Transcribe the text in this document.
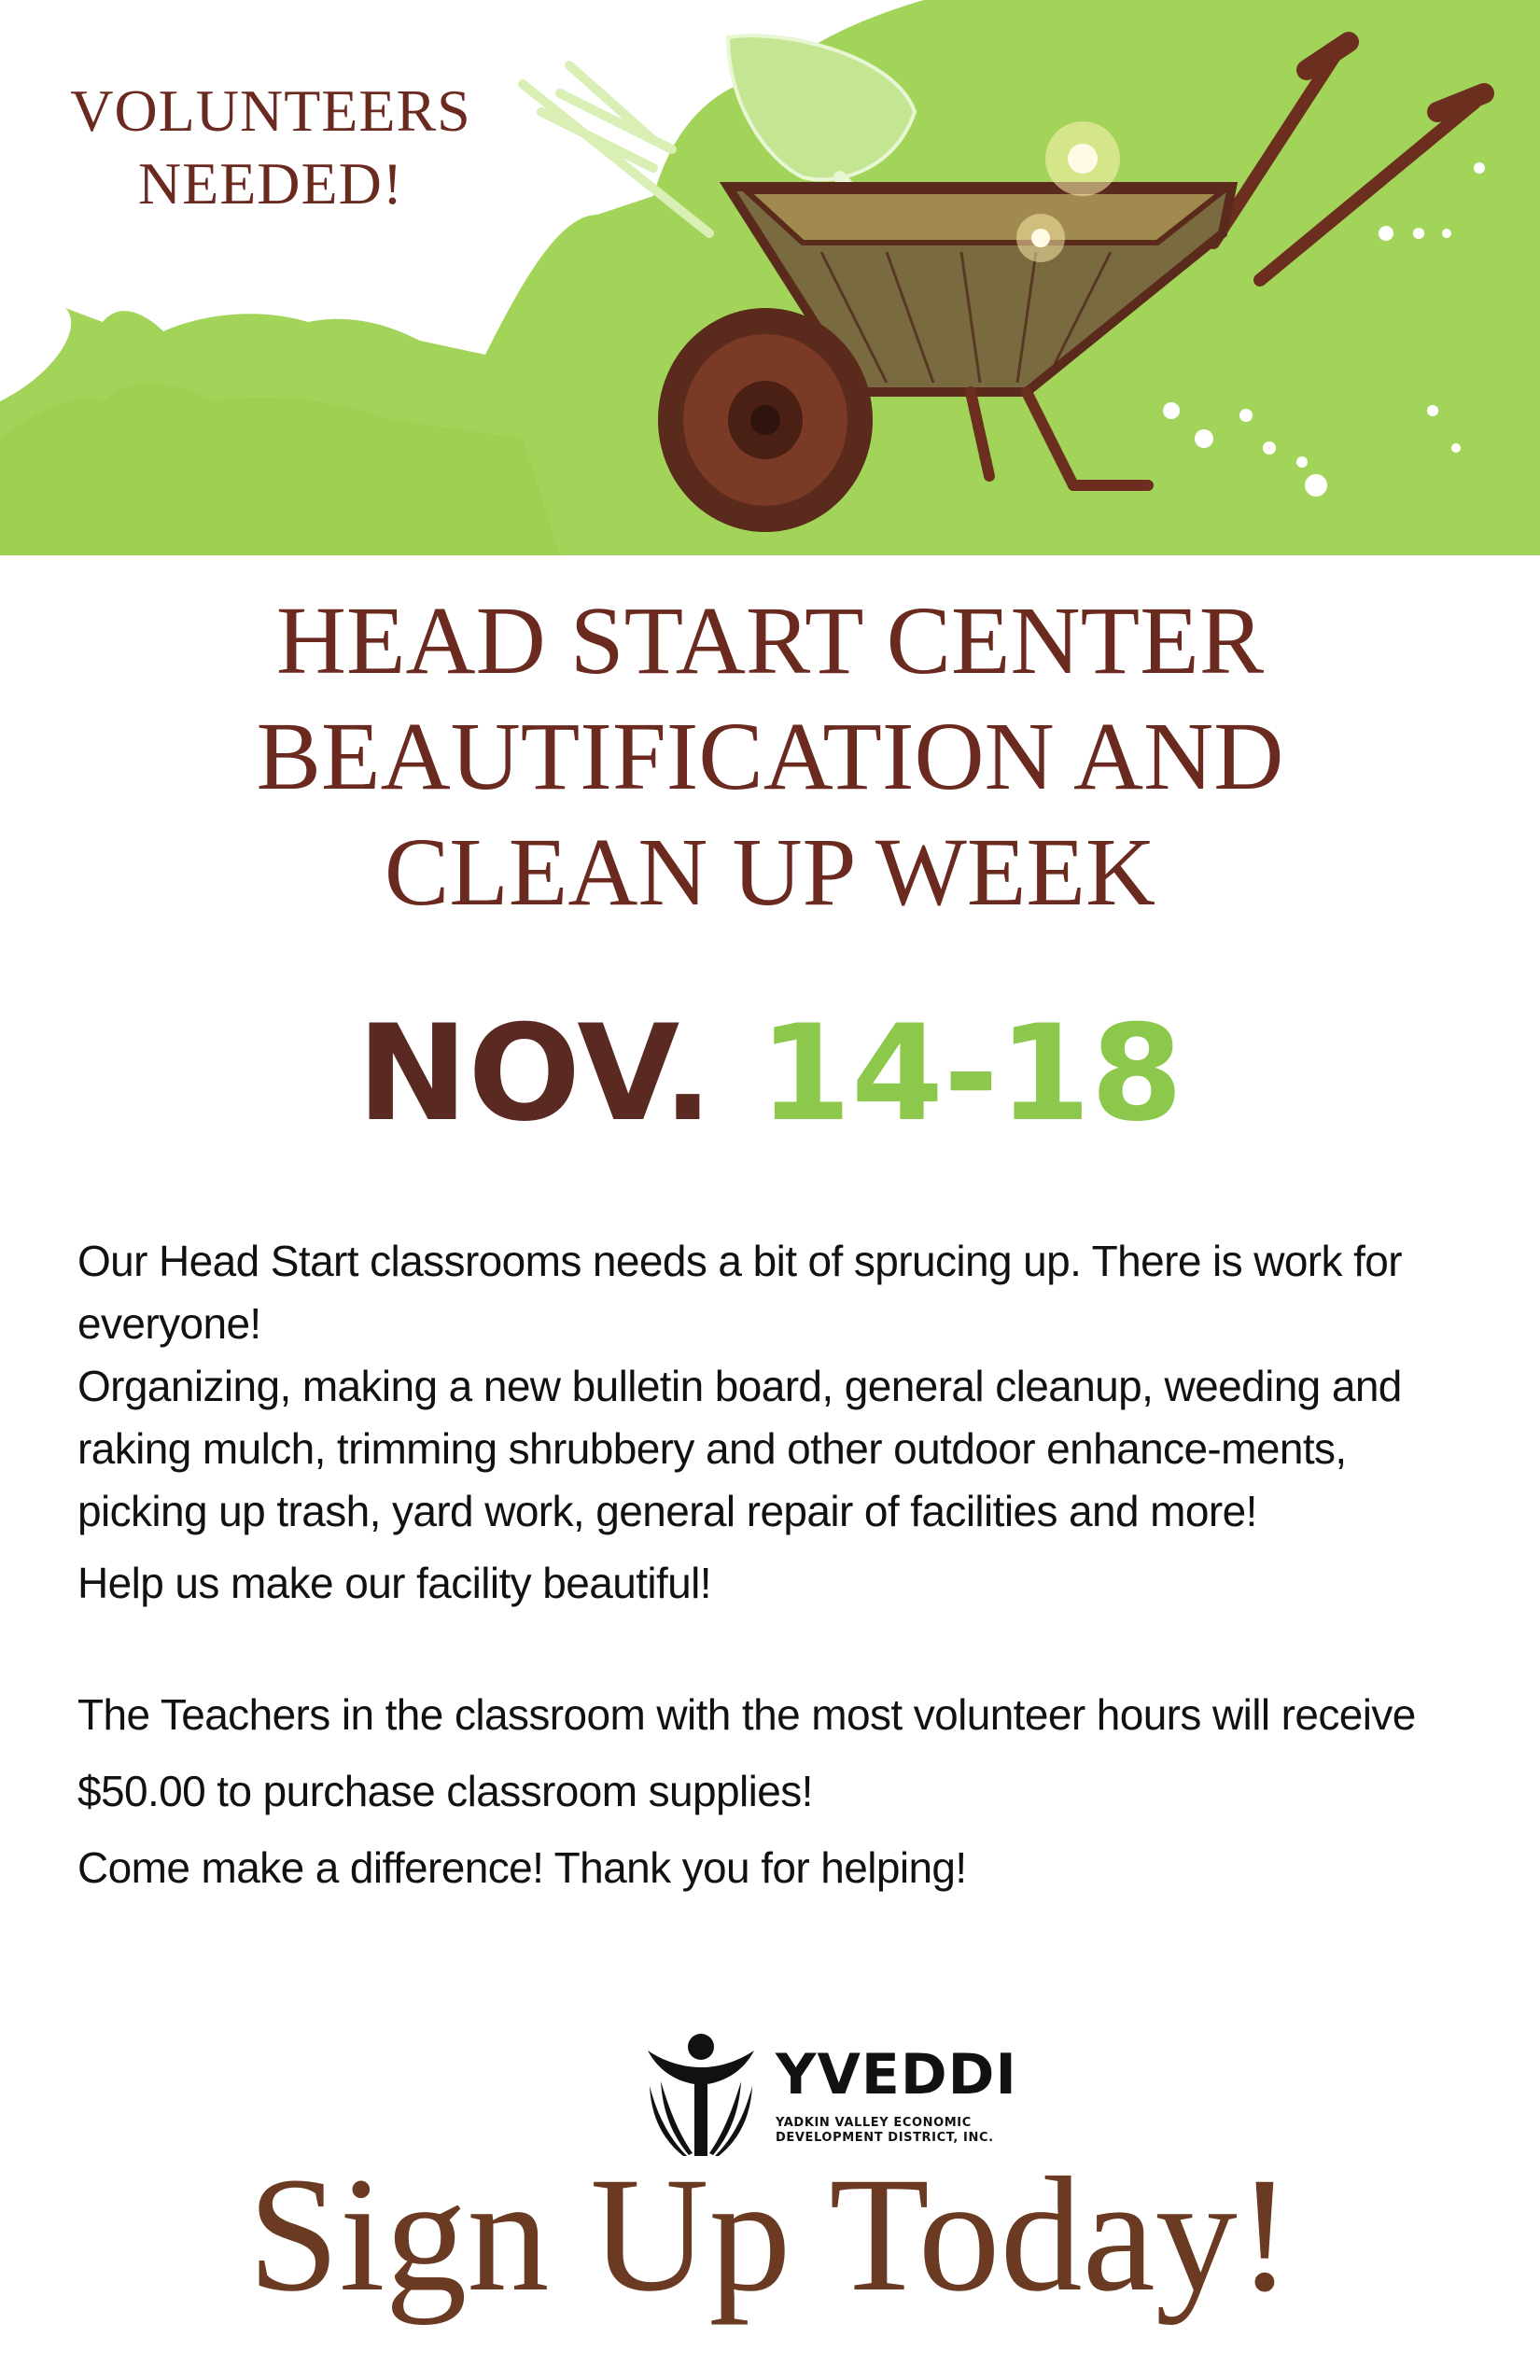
VOLUNTEERS
NEEDED!
HEAD START CENTER
BEAUTIFICATION AND
CLEAN UP WEEK
NOV. 14-18

Our Head Start classrooms needs a bit of sprucing up. There is work for everyone!

Organizing, making a new bulletin board, general cleanup, weeding and raking mulch, trimming shrubbery and other outdoor enhance-ments, picking up trash, yard work, general repair of facilities and more!

Help us make our facility beautiful!

The Teachers in the classroom with the most volunteer hours will receive $50.00 to purchase classroom supplies!

Come make a difference! Thank you for helping!

YVEDDI
YADKIN VALLEY ECONOMIC
DEVELOPMENT DISTRICT, INC.
Sign Up Today!
